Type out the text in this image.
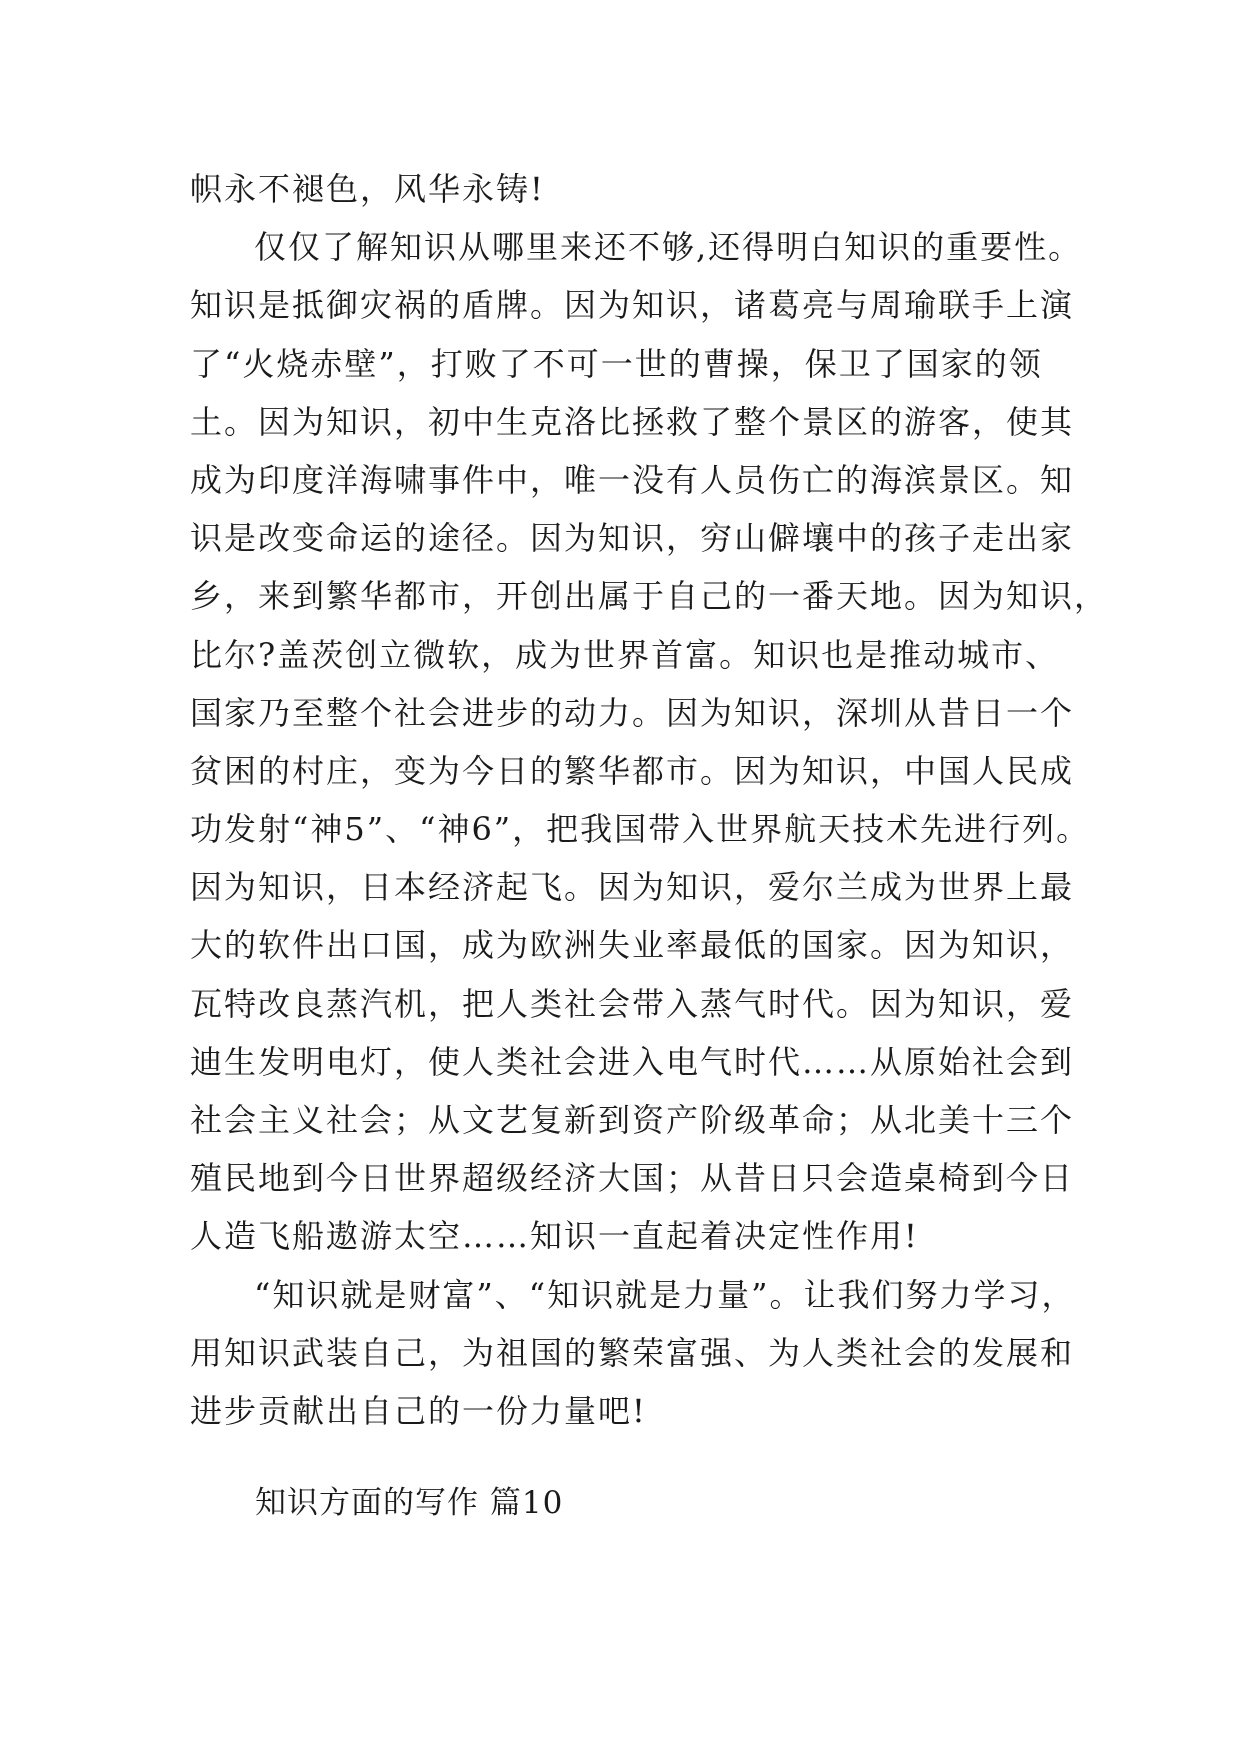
帜永不褪色，风华永铸!
仅仅了解知识从哪里来还不够,还得明白知识的重要性。
知识是抵御灾祸的盾牌。因为知识，诸葛亮与周瑜联手上演
了“火烧赤壁”，打败了不可一世的曹操，保卫了国家的领
土。因为知识，初中生克洛比拯救了整个景区的游客，使其
成为印度洋海啸事件中，唯一没有人员伤亡的海滨景区。知
识是改变命运的途径。因为知识，穷山僻壤中的孩子走出家
乡，来到繁华都市，开创出属于自己的一番天地。因为知识，
比尔?盖茨创立微软，成为世界首富。知识也是推动城市、
国家乃至整个社会进步的动力。因为知识，深圳从昔日一个
贫困的村庄，变为今日的繁华都市。因为知识，中国人民成
功发射“神5”、“神6”，把我国带入世界航天技术先进行列。
因为知识，日本经济起飞。因为知识，爱尔兰成为世界上最
大的软件出口国，成为欧洲失业率最低的国家。因为知识，
瓦特改良蒸汽机，把人类社会带入蒸气时代。因为知识，爱
迪生发明电灯，使人类社会进入电气时代……从原始社会到
社会主义社会；从文艺复新到资产阶级革命；从北美十三个
殖民地到今日世界超级经济大国；从昔日只会造桌椅到今日
人造飞船遨游太空……知识一直起着决定性作用!
“知识就是财富”、“知识就是力量”。让我们努力学习，
用知识武装自己，为祖国的繁荣富强、为人类社会的发展和
进步贡献出自己的一份力量吧!
知识方面的写作 篇10
